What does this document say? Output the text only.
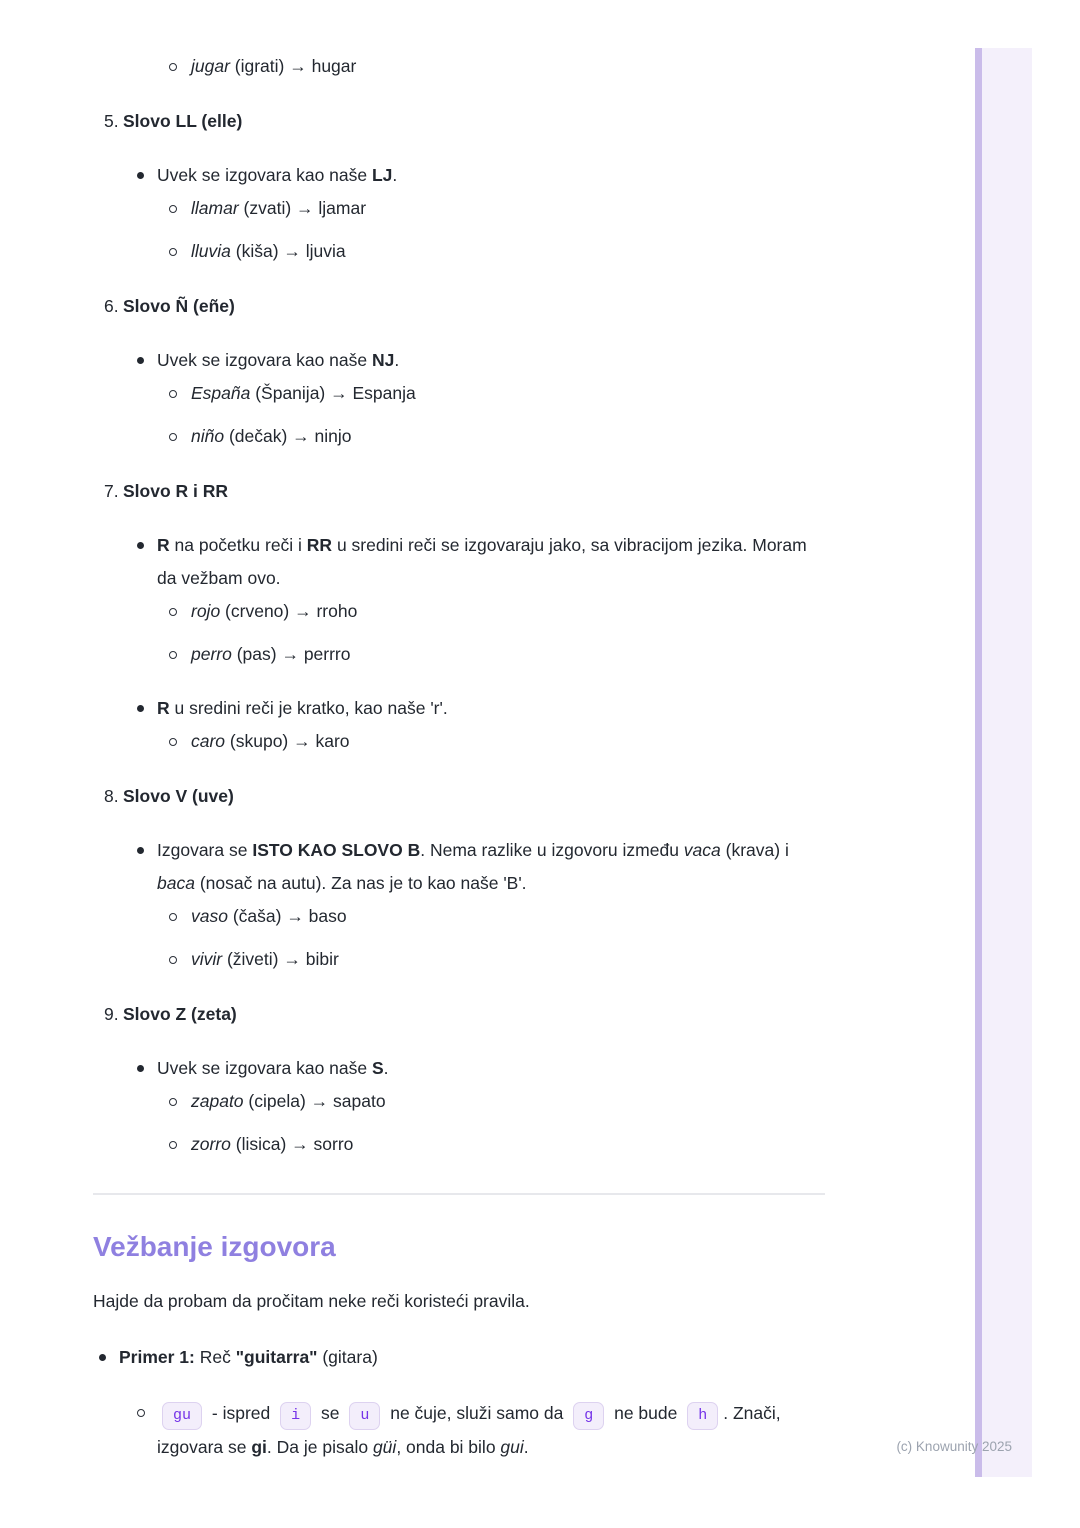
(c) Knowunity 2025
jugar (igrati) → hugar
5. Slovo LL (elle)

Uvek se izgovara kao naše LJ.

llamar (zvati) → ljamar
lluvia (kiša) → ljuvia
6. Slovo Ñ (eñe)

Uvek se izgovara kao naše NJ.

España (Španija) → Espanja
niño (dečak) → ninjo
7. Slovo R i RR

R na početku reči i RR u sredini reči se izgovaraju jako, sa vibracijom jezika. Moram da vežbam ovo.

rojo (crveno) → rroho
perro (pas) → perrro

R u sredini reči je kratko, kao naše 'r'.

caro (skupo) → karo
8. Slovo V (uve)

Izgovara se ISTO KAO SLOVO B. Nema razlike u izgovoru između vaca (krava) i baca (nosač na autu). Za nas je to kao naše 'B'.

vaso (čaša) → baso
vivir (živeti) → bibir
9. Slovo Z (zeta)

Uvek se izgovara kao naše S.

zapato (cipela) → sapato
zorro (lisica) → sorro
Vežbanje izgovora

Hajde da probam da pročitam neke reči koristeći pravila.

Primer 1: Reč "guitarra" (gitara)

gu - ispred i se u ne čuje, služi samo da g ne bude h . Znači, izgovara se gi. Da je pisalo güi, onda bi bilo gui.
